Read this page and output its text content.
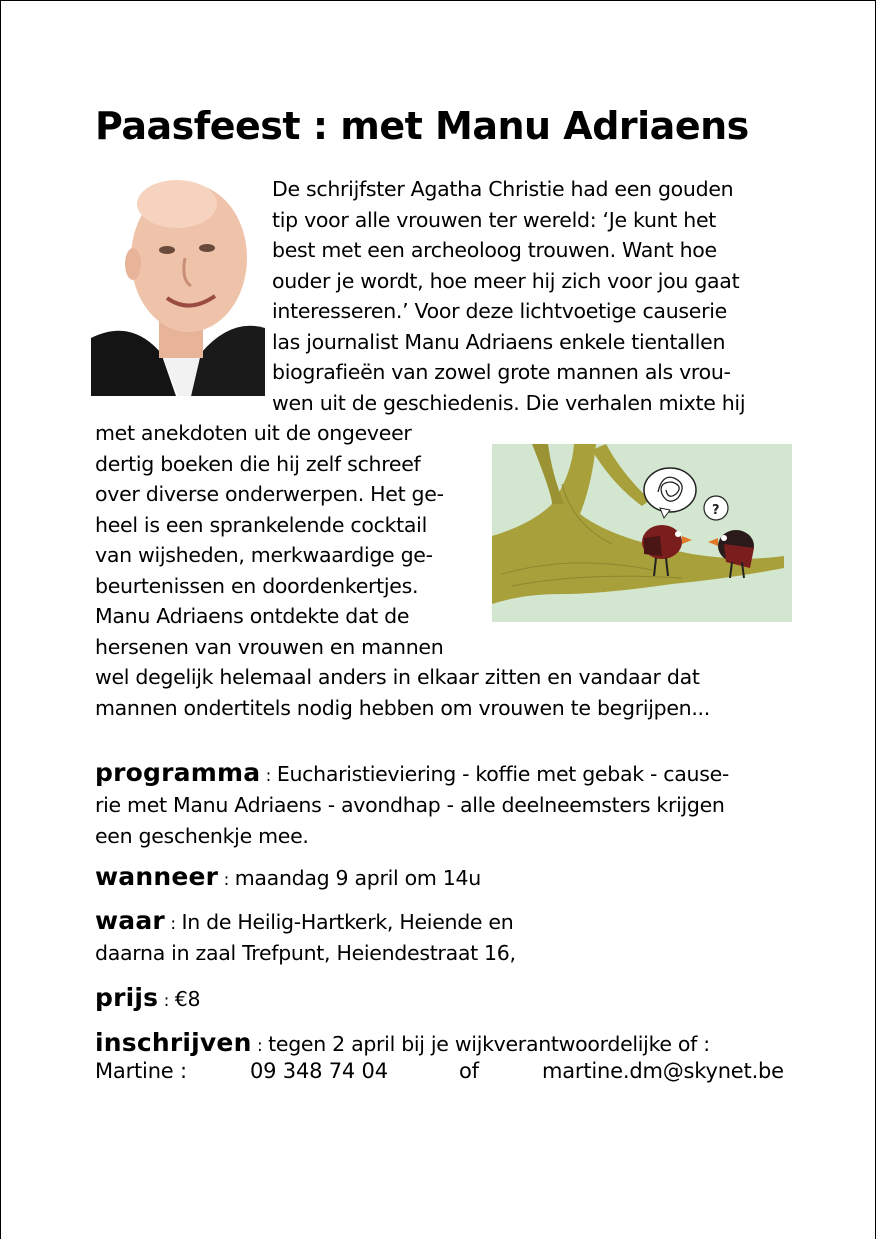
Paasfeest : met Manu Adriaens
De schrijfster Agatha Christie had een gouden
tip voor alle vrouwen ter wereld: ‘Je kunt het
best met een archeoloog trouwen. Want hoe
ouder je wordt, hoe meer hij zich voor jou gaat
interesseren.’ Voor deze lichtvoetige causerie
las journalist Manu Adriaens enkele tientallen
biografieën van zowel grote mannen als vrou-
wen uit de geschiedenis. Die verhalen mixte hij
met anekdoten uit de ongeveer
dertig boeken die hij zelf schreef
over diverse onderwerpen. Het ge-
heel is een sprankelende cocktail
van wijsheden, merkwaardige ge-
beurtenissen en doordenkertjes.
Manu Adriaens ontdekte dat de
hersenen van vrouwen en mannen
?
wel degelijk helemaal anders in elkaar zitten en vandaar dat
mannen ondertitels nodig hebben om vrouwen te begrijpen...
programma : Eucharistieviering - koffie met gebak - cause-
rie met Manu Adriaens - avondhap - alle deelneemsters krijgen
een geschenkje mee.
wanneer : maandag 9 april om 14u
waar : In de Heilig-Hartkerk, Heiende en
daarna in zaal Trefpunt, Heiendestraat 16,
prijs : €8
inschrijven : tegen 2 april bij je wijkverantwoordelijke of :
Martine :	09 348 74 04	of	martine.dm@skynet.be
